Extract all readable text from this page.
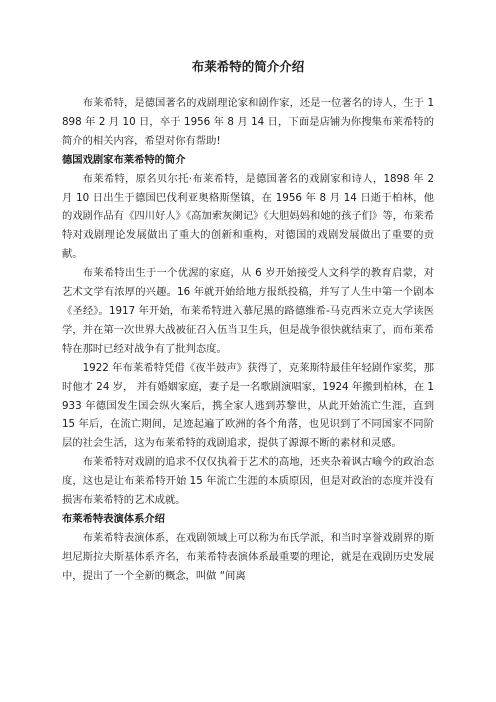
布莱希特的简介介绍

布莱希特，是德国著名的戏剧理论家和剧作家，还是一位著名的诗人，生于 1898 年 2 月 10 日，卒于 1956 年 8 月 14 日，下面是店铺为你搜集布莱希特的简介的相关内容，希望对你有帮助!

德国戏剧家布莱希特的简介

布莱希特，原名贝尔托·布莱希特，是德国著名的戏剧家和诗人，1898 年 2 月 10 日出生于德国巴伐利亚奥格斯堡镇，在 1956 年 8 月 14 日逝于柏林，他的戏剧作品有《四川好人》《高加索灰阑记》《大胆妈妈和她的孩子们》等，布莱希特对戏剧理论发展做出了重大的创新和重构，对德国的戏剧发展做出了重要的贡献。

布莱希特出生于一个优渥的家庭，从 6 岁开始接受人文科学的教育启蒙，对艺术文学有浓厚的兴趣。16 年就开始给地方报纸投稿，并写了人生中第一个剧本《圣经》。1917 年开始，布莱希特进入慕尼黑的路德维希-马克西米立克大学读医学，并在第一次世界大战被征召入伍当卫生兵，但是战争很快就结束了，而布莱希特在那时已经对战争有了批判态度。

1922 年布莱希特凭借《夜半鼓声》获得了，克莱斯特最佳年轻剧作家奖，那时他才 24 岁， 并有婚姻家庭，妻子是一名歌剧演唱家，1924 年搬到柏林，在 1933 年德国发生国会纵火案后，携全家人逃到苏黎世，从此开始流亡生涯，直到 15 年后，在流亡期间，足迹起遍了欧洲的各个角落，也见识到了不同国家不同阶层的社会生活，这为布莱希特的戏剧追求，提供了源源不断的素材和灵感。

布莱希特对戏剧的追求不仅仅执着于艺术的高地，还夹杂着讽古喻今的政治态度，这也是让布莱希特开始 15 年流亡生涯的本质原因，但是对政治的态度并没有损害布莱希特的艺术成就。

布莱希特表演体系介绍

布莱希特表演体系，在戏剧领域上可以称为布氏学派，和当时享誉戏剧界的斯坦尼斯拉夫斯基体系齐名，布莱希特表演体系最重要的理论，就是在戏剧历史发展中，提出了一个全新的概念，叫做 “间离
